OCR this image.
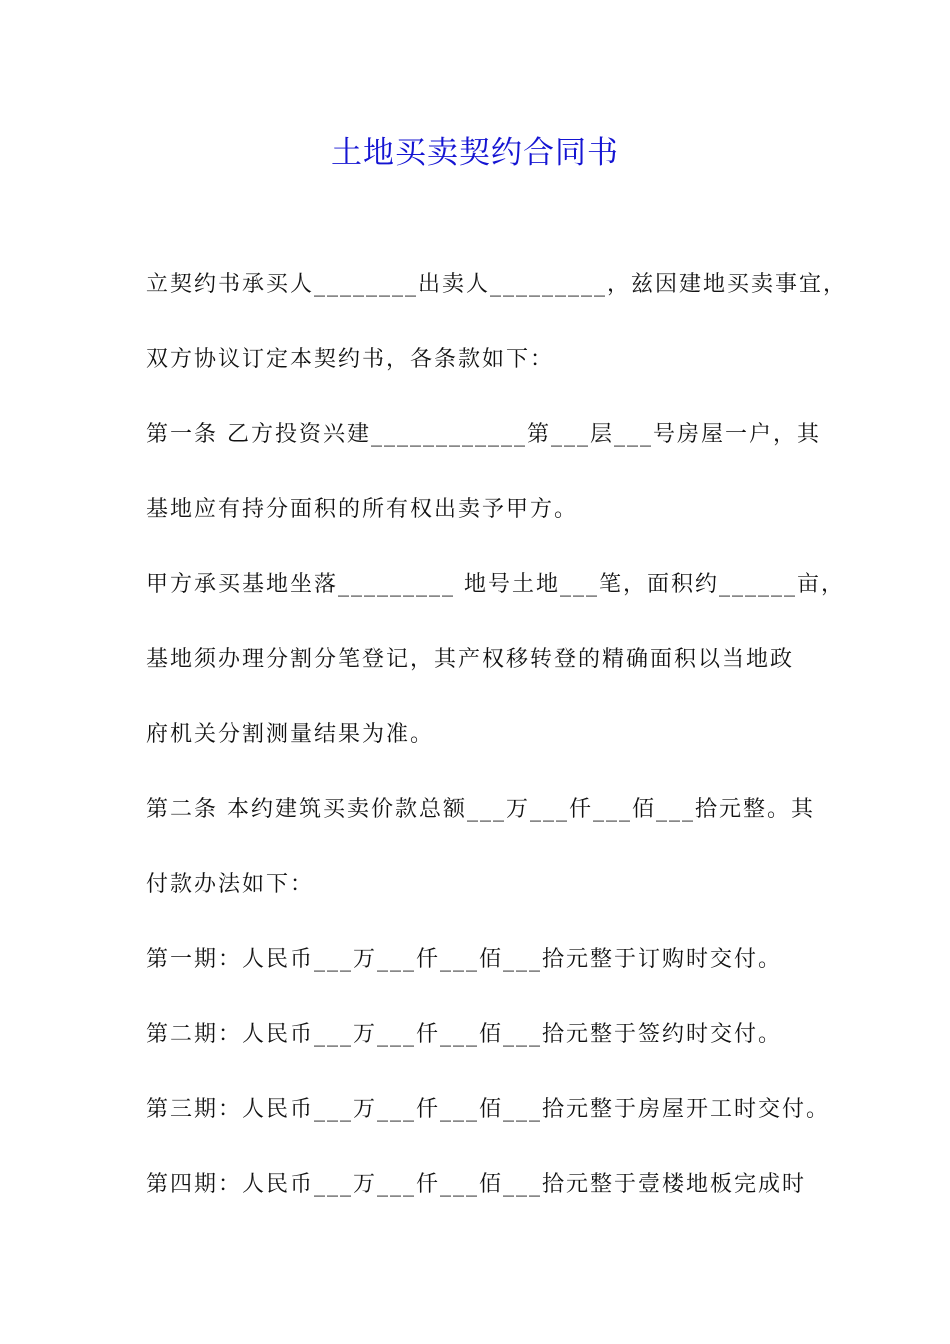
土地买卖契约合同书

立契约书承买人________出卖人_________，兹因建地买卖事宜，

双方协议订定本契约书，各条款如下：

第一条 乙方投资兴建____________第___层___号房屋一户，其

基地应有持分面积的所有权出卖予甲方。

甲方承买基地坐落_________ 地号土地___笔，面积约______亩，

基地须办理分割分笔登记，其产权移转登的精确面积以当地政

府机关分割测量结果为准。

第二条 本约建筑买卖价款总额___万___仟___佰___拾元整。其

付款办法如下：

第一期：人民币___万___仟___佰___拾元整于订购时交付。

第二期：人民币___万___仟___佰___拾元整于签约时交付。

第三期：人民币___万___仟___佰___拾元整于房屋开工时交付。

第四期：人民币___万___仟___佰___拾元整于壹楼地板完成时
